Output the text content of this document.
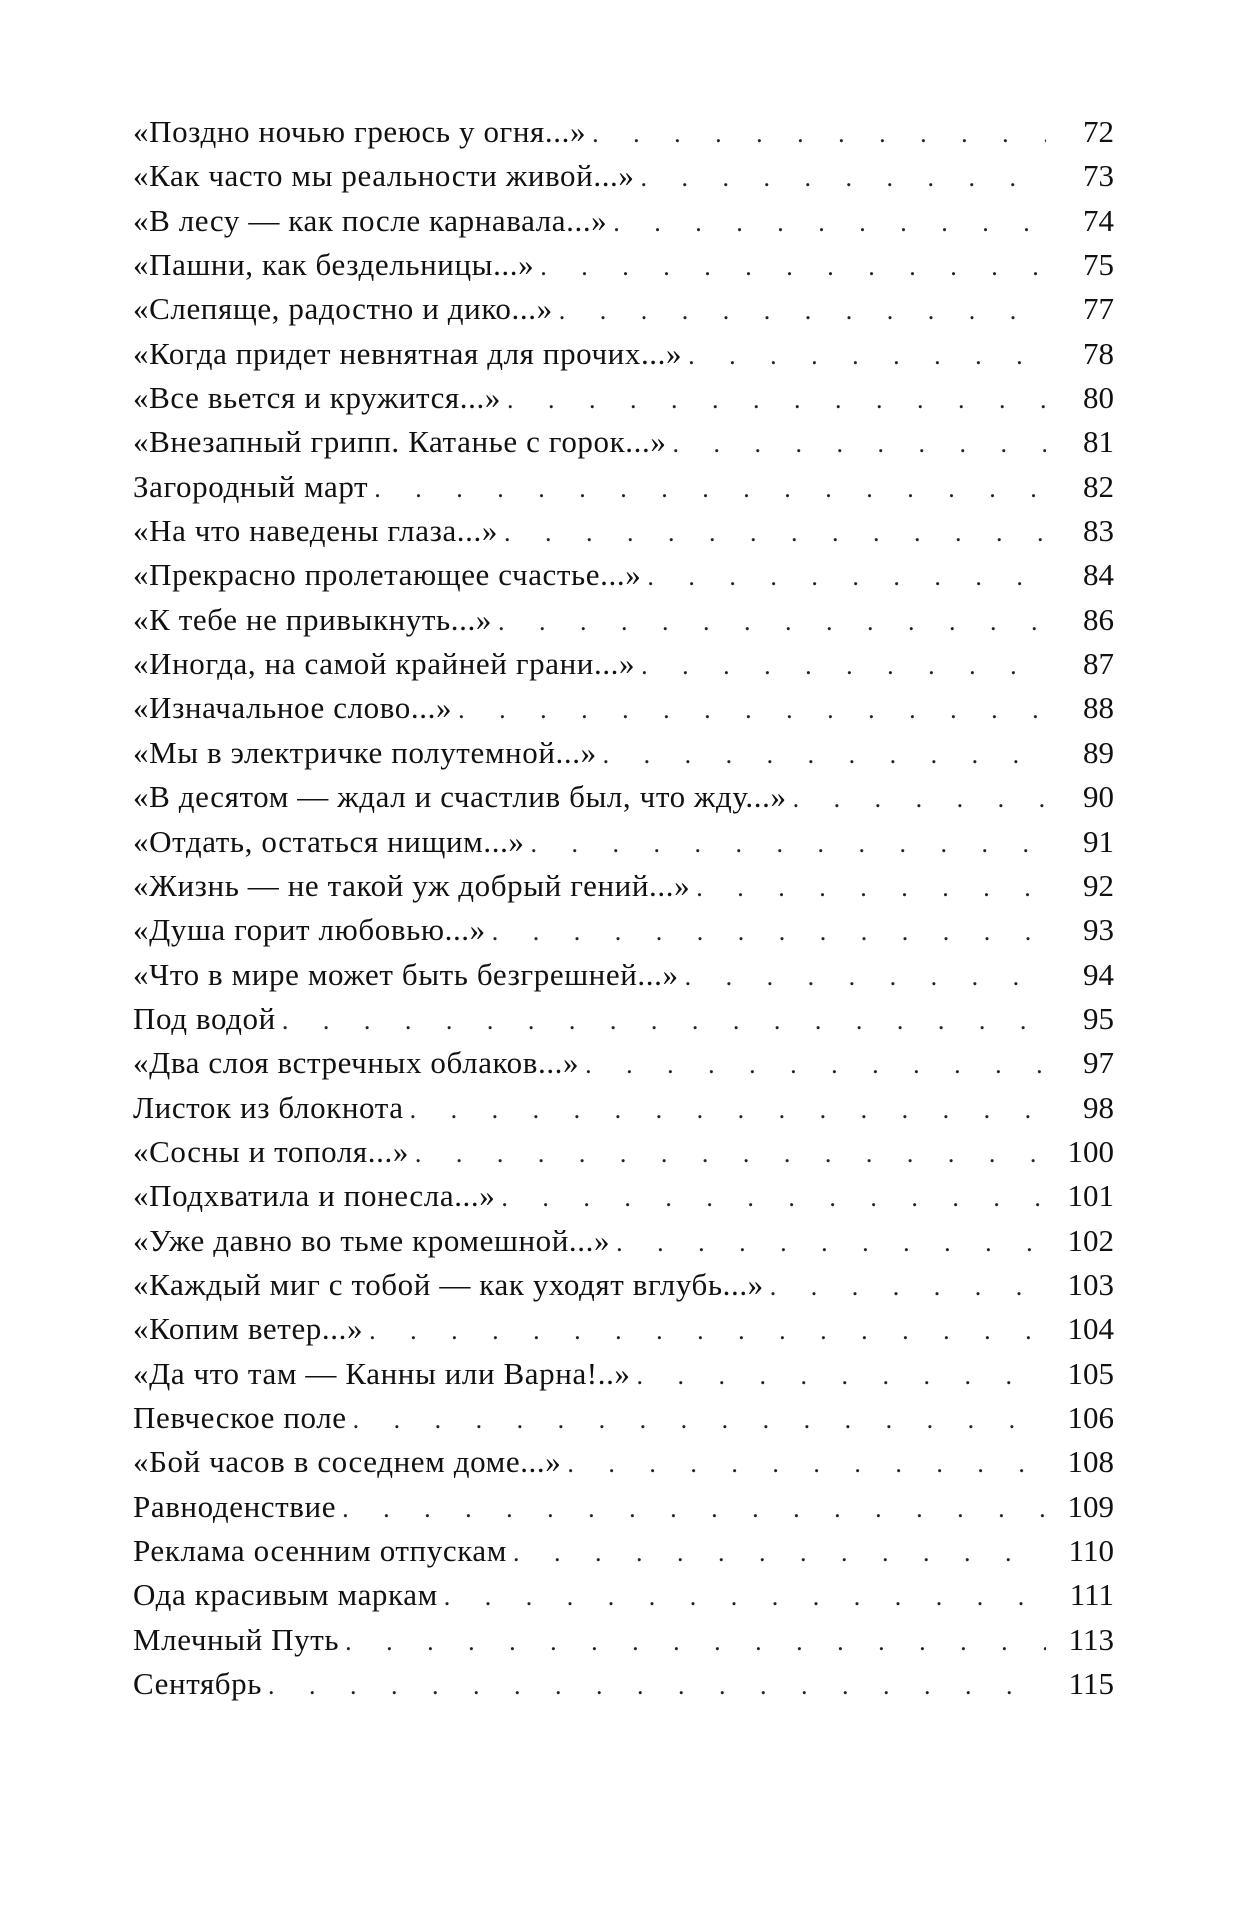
«Поздно ночью греюсь у огня...» . . .	72
«Как часто мы реальности живой...» . . .	73
«В лесу — как после карнавала...» . . .	74
«Пашни, как бездельницы...» . . .	75
«Слепяще, радостно и дико...» . . .	77
«Когда придет невнятная для прочих...» . . .	78
«Все вьется и кружится...» . . .	80
«Внезапный грипп. Катанье с горок...» . . .	81
Загородный март . . .	82
«На что наведены глаза...» . . .	83
«Прекрасно пролетающее счастье...» . . .	84
«К тебе не привыкнуть...» . . .	86
«Иногда, на самой крайней грани...» . . .	87
«Изначальное слово...» . . .	88
«Мы в электричке полутемной...» . . .	89
«В десятом — ждал и счастлив был, что жду...» . . .	90
«Отдать, остаться нищим...» . . .	91
«Жизнь — не такой уж добрый гений...» . . .	92
«Душа горит любовью...» . . .	93
«Что в мире может быть безгрешней...» . . .	94
Под водой . . .	95
«Два слоя встречных облаков...» . . .	97
Листок из блокнота . . .	98
«Сосны и тополя...» . . .	100
«Подхватила и понесла...» . . .	101
«Уже давно во тьме кромешной...» . . .	102
«Каждый миг с тобой — как уходят вглубь...» . . .	103
«Копим ветер...» . . .	104
«Да что там — Канны или Варна!..» . . .	105
Певческое поле . . .	106
«Бой часов в соседнем доме...» . . .	108
Равноденствие . . .	109
Реклама осенним отпускам . . .	110
Ода красивым маркам . . .	111
Млечный Путь . . .	113
Сентябрь . . .	115
